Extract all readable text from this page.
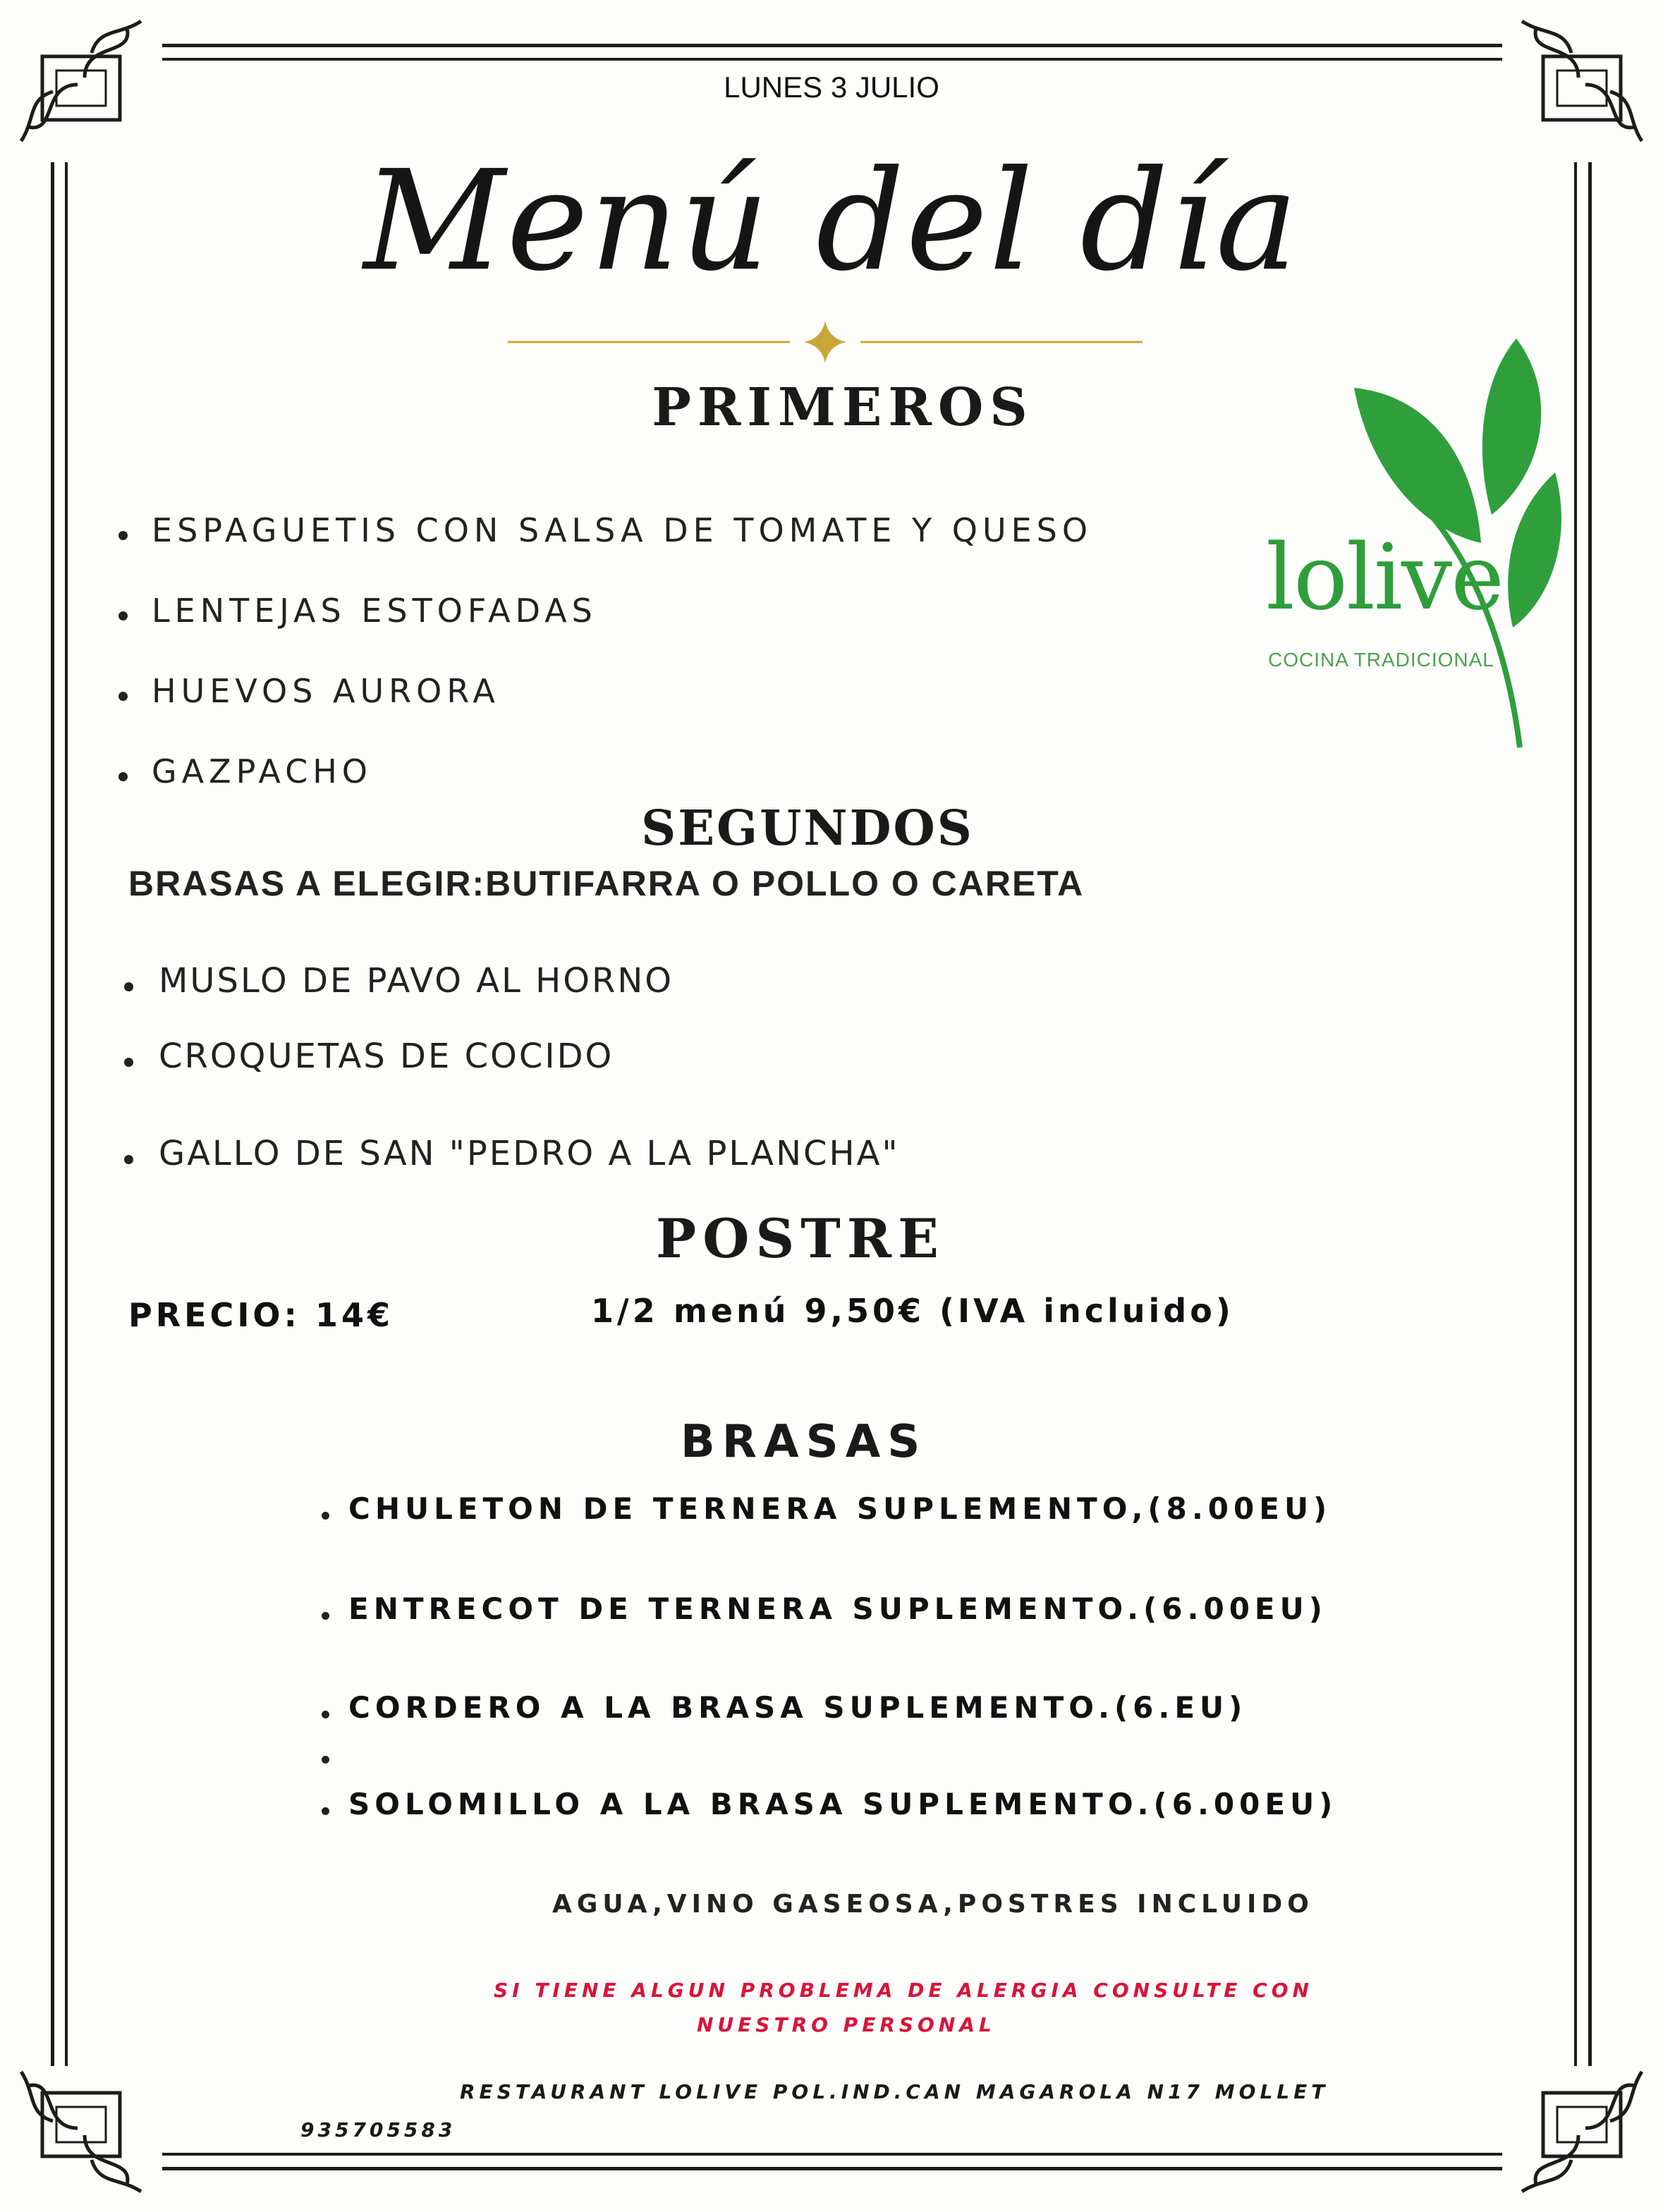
LUNES 3 JULIO
Menú del día
lolive
COCINA TRADICIONAL
PRIMEROS
ESPAGUETIS CON SALSA DE TOMATE Y QUESO
LENTEJAS ESTOFADAS
HUEVOS AURORA
GAZPACHO
SEGUNDOS
BRASAS A ELEGIR:BUTIFARRA O POLLO O CARETA
MUSLO DE PAVO AL HORNO
CROQUETAS DE COCIDO
GALLO DE SAN "PEDRO A LA PLANCHA"
POSTRE
PRECIO: 14€	1/2 menú 9,50€ (IVA incluido)
BRASAS
CHULETON DE TERNERA SUPLEMENTO,(8.00EU)
ENTRECOT DE TERNERA SUPLEMENTO.(6.00EU)
CORDERO A LA BRASA SUPLEMENTO.(6.EU)
SOLOMILLO A LA BRASA SUPLEMENTO.(6.00EU)
AGUA,VINO GASEOSA,POSTRES INCLUIDO
SI TIENE ALGUN PROBLEMA DE ALERGIA CONSULTE CON
NUESTRO PERSONAL
RESTAURANT LOLIVE POL.IND.CAN MAGAROLA N17 MOLLET
935705583
